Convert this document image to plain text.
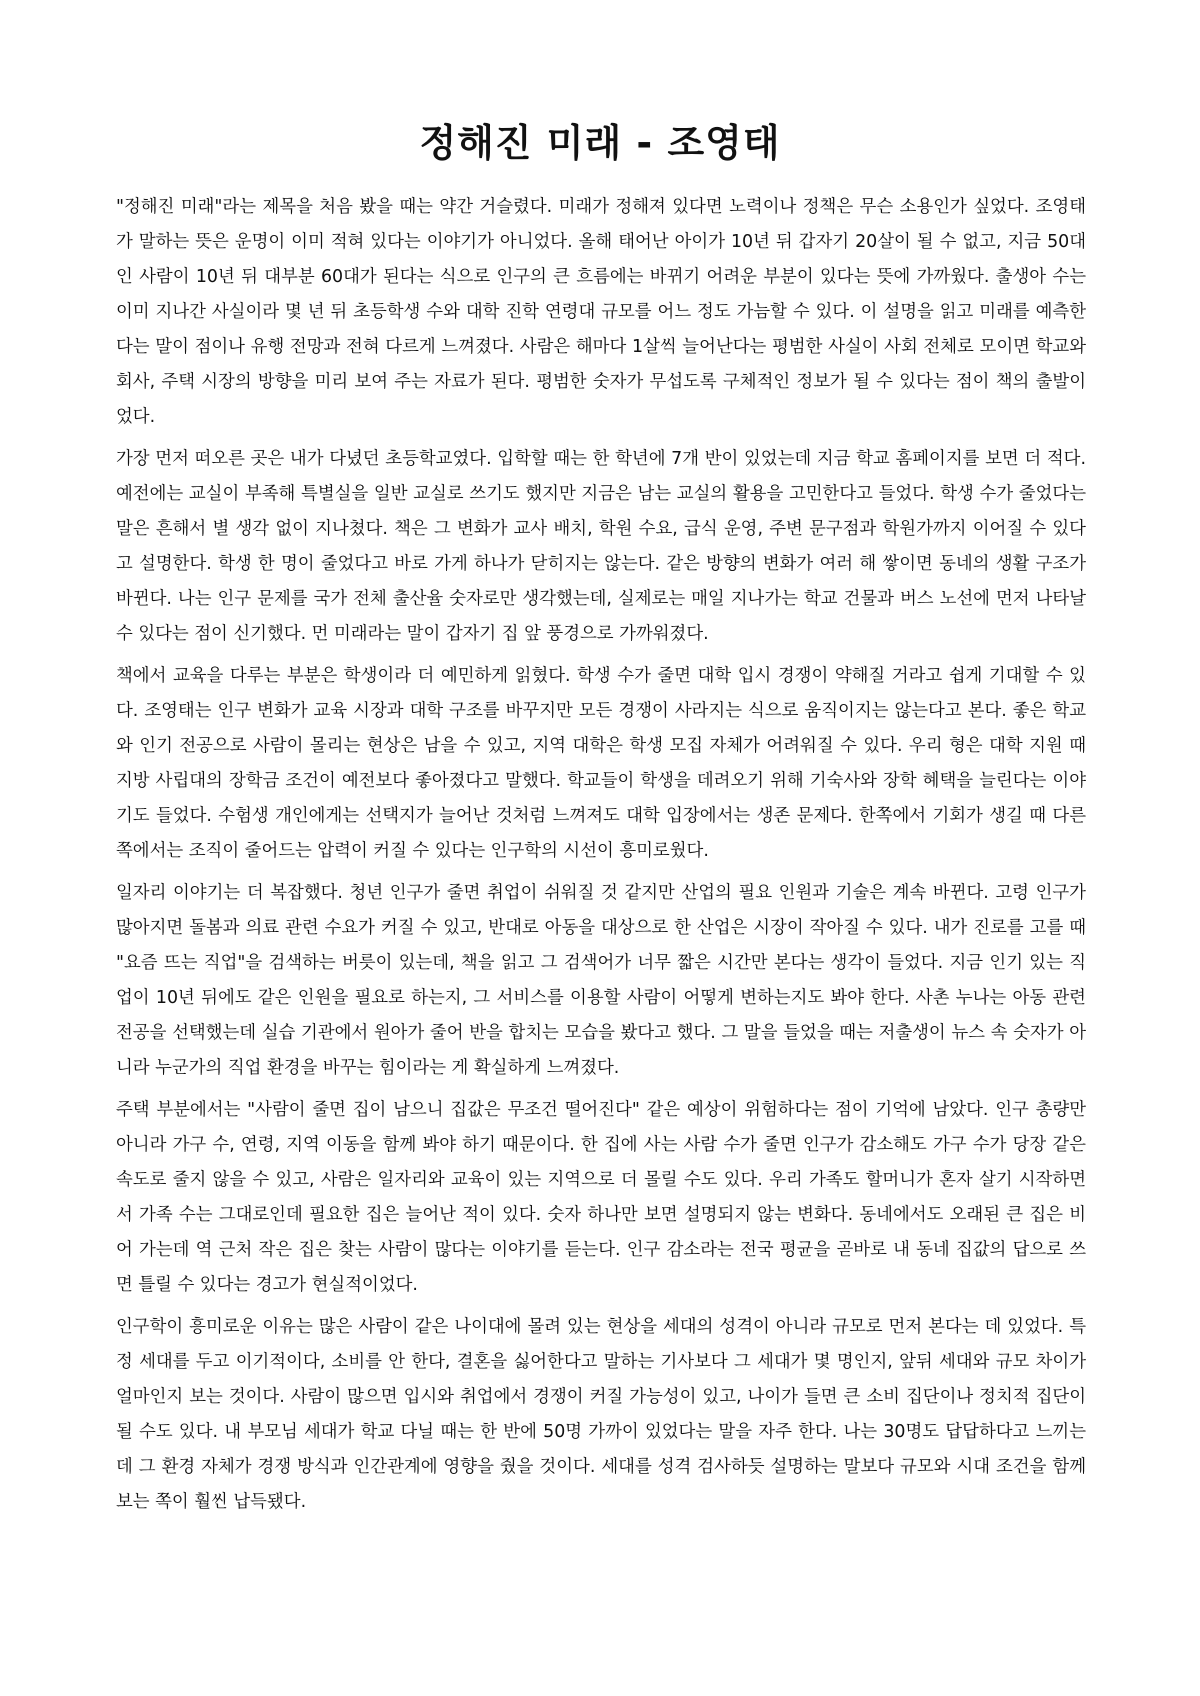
정해진 미래 - 조영태

"정해진 미래"라는 제목을 처음 봤을 때는 약간 거슬렸다. 미래가 정해져 있다면 노력이나 정책은 무슨 소용인가 싶었다. 조영태가 말하는 뜻은 운명이 이미 적혀 있다는 이야기가 아니었다. 올해 태어난 아이가 10년 뒤 갑자기 20살이 될 수 없고, 지금 50대인 사람이 10년 뒤 대부분 60대가 된다는 식으로 인구의 큰 흐름에는 바뀌기 어려운 부분이 있다는 뜻에 가까웠다. 출생아 수는 이미 지나간 사실이라 몇 년 뒤 초등학생 수와 대학 진학 연령대 규모를 어느 정도 가늠할 수 있다. 이 설명을 읽고 미래를 예측한다는 말이 점이나 유행 전망과 전혀 다르게 느껴졌다. 사람은 해마다 1살씩 늘어난다는 평범한 사실이 사회 전체로 모이면 학교와 회사, 주택 시장의 방향을 미리 보여 주는 자료가 된다. 평범한 숫자가 무섭도록 구체적인 정보가 될 수 있다는 점이 책의 출발이었다.

가장 먼저 떠오른 곳은 내가 다녔던 초등학교였다. 입학할 때는 한 학년에 7개 반이 있었는데 지금 학교 홈페이지를 보면 더 적다. 예전에는 교실이 부족해 특별실을 일반 교실로 쓰기도 했지만 지금은 남는 교실의 활용을 고민한다고 들었다. 학생 수가 줄었다는 말은 흔해서 별 생각 없이 지나쳤다. 책은 그 변화가 교사 배치, 학원 수요, 급식 운영, 주변 문구점과 학원가까지 이어질 수 있다고 설명한다. 학생 한 명이 줄었다고 바로 가게 하나가 닫히지는 않는다. 같은 방향의 변화가 여러 해 쌓이면 동네의 생활 구조가 바뀐다. 나는 인구 문제를 국가 전체 출산율 숫자로만 생각했는데, 실제로는 매일 지나가는 학교 건물과 버스 노선에 먼저 나타날 수 있다는 점이 신기했다. 먼 미래라는 말이 갑자기 집 앞 풍경으로 가까워졌다.

책에서 교육을 다루는 부분은 학생이라 더 예민하게 읽혔다. 학생 수가 줄면 대학 입시 경쟁이 약해질 거라고 쉽게 기대할 수 있다. 조영태는 인구 변화가 교육 시장과 대학 구조를 바꾸지만 모든 경쟁이 사라지는 식으로 움직이지는 않는다고 본다. 좋은 학교와 인기 전공으로 사람이 몰리는 현상은 남을 수 있고, 지역 대학은 학생 모집 자체가 어려워질 수 있다. 우리 형은 대학 지원 때 지방 사립대의 장학금 조건이 예전보다 좋아졌다고 말했다. 학교들이 학생을 데려오기 위해 기숙사와 장학 혜택을 늘린다는 이야기도 들었다. 수험생 개인에게는 선택지가 늘어난 것처럼 느껴져도 대학 입장에서는 생존 문제다. 한쪽에서 기회가 생길 때 다른 쪽에서는 조직이 줄어드는 압력이 커질 수 있다는 인구학의 시선이 흥미로웠다.

일자리 이야기는 더 복잡했다. 청년 인구가 줄면 취업이 쉬워질 것 같지만 산업의 필요 인원과 기술은 계속 바뀐다. 고령 인구가 많아지면 돌봄과 의료 관련 수요가 커질 수 있고, 반대로 아동을 대상으로 한 산업은 시장이 작아질 수 있다. 내가 진로를 고를 때 "요즘 뜨는 직업"을 검색하는 버릇이 있는데, 책을 읽고 그 검색어가 너무 짧은 시간만 본다는 생각이 들었다. 지금 인기 있는 직업이 10년 뒤에도 같은 인원을 필요로 하는지, 그 서비스를 이용할 사람이 어떻게 변하는지도 봐야 한다. 사촌 누나는 아동 관련 전공을 선택했는데 실습 기관에서 원아가 줄어 반을 합치는 모습을 봤다고 했다. 그 말을 들었을 때는 저출생이 뉴스 속 숫자가 아니라 누군가의 직업 환경을 바꾸는 힘이라는 게 확실하게 느껴졌다.

주택 부분에서는 "사람이 줄면 집이 남으니 집값은 무조건 떨어진다" 같은 예상이 위험하다는 점이 기억에 남았다. 인구 총량만 아니라 가구 수, 연령, 지역 이동을 함께 봐야 하기 때문이다. 한 집에 사는 사람 수가 줄면 인구가 감소해도 가구 수가 당장 같은 속도로 줄지 않을 수 있고, 사람은 일자리와 교육이 있는 지역으로 더 몰릴 수도 있다. 우리 가족도 할머니가 혼자 살기 시작하면서 가족 수는 그대로인데 필요한 집은 늘어난 적이 있다. 숫자 하나만 보면 설명되지 않는 변화다. 동네에서도 오래된 큰 집은 비어 가는데 역 근처 작은 집은 찾는 사람이 많다는 이야기를 듣는다. 인구 감소라는 전국 평균을 곧바로 내 동네 집값의 답으로 쓰면 틀릴 수 있다는 경고가 현실적이었다.

인구학이 흥미로운 이유는 많은 사람이 같은 나이대에 몰려 있는 현상을 세대의 성격이 아니라 규모로 먼저 본다는 데 있었다. 특정 세대를 두고 이기적이다, 소비를 안 한다, 결혼을 싫어한다고 말하는 기사보다 그 세대가 몇 명인지, 앞뒤 세대와 규모 차이가 얼마인지 보는 것이다. 사람이 많으면 입시와 취업에서 경쟁이 커질 가능성이 있고, 나이가 들면 큰 소비 집단이나 정치적 집단이 될 수도 있다. 내 부모님 세대가 학교 다닐 때는 한 반에 50명 가까이 있었다는 말을 자주 한다. 나는 30명도 답답하다고 느끼는데 그 환경 자체가 경쟁 방식과 인간관계에 영향을 줬을 것이다. 세대를 성격 검사하듯 설명하는 말보다 규모와 시대 조건을 함께 보는 쪽이 훨씬 납득됐다.
